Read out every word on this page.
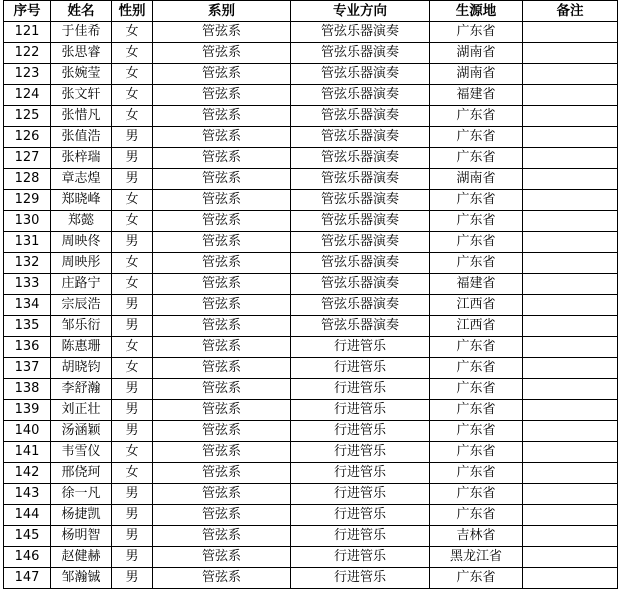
序号	姓名	性别	系别	专业方向	生源地	备注
121	于佳希	女	管弦系	管弦乐器演奏	广东省	
122	张思睿	女	管弦系	管弦乐器演奏	湖南省	
123	张婉莹	女	管弦系	管弦乐器演奏	湖南省	
124	张文轩	女	管弦系	管弦乐器演奏	福建省	
125	张惜凡	女	管弦系	管弦乐器演奏	广东省	
126	张值浩	男	管弦系	管弦乐器演奏	广东省	
127	张梓瑞	男	管弦系	管弦乐器演奏	广东省	
128	章志煌	男	管弦系	管弦乐器演奏	湖南省	
129	郑晓峰	女	管弦系	管弦乐器演奏	广东省	
130	郑懿	女	管弦系	管弦乐器演奏	广东省	
131	周映佟	男	管弦系	管弦乐器演奏	广东省	
132	周映彤	女	管弦系	管弦乐器演奏	广东省	
133	庄路宁	女	管弦系	管弦乐器演奏	福建省	
134	宗辰浩	男	管弦系	管弦乐器演奏	江西省	
135	邹乐衍	男	管弦系	管弦乐器演奏	江西省	
136	陈惠珊	女	管弦系	行进管乐	广东省	
137	胡晓钧	女	管弦系	行进管乐	广东省	
138	李舒瀚	男	管弦系	行进管乐	广东省	
139	刘正壮	男	管弦系	行进管乐	广东省	
140	汤涵颖	男	管弦系	行进管乐	广东省	
141	韦雪仪	女	管弦系	行进管乐	广东省	
142	邢侥珂	女	管弦系	行进管乐	广东省	
143	徐一凡	男	管弦系	行进管乐	广东省	
144	杨捷凯	男	管弦系	行进管乐	广东省	
145	杨明智	男	管弦系	行进管乐	吉林省	
146	赵健赫	男	管弦系	行进管乐	黑龙江省	
147	邹瀚铖	男	管弦系	行进管乐	广东省	
